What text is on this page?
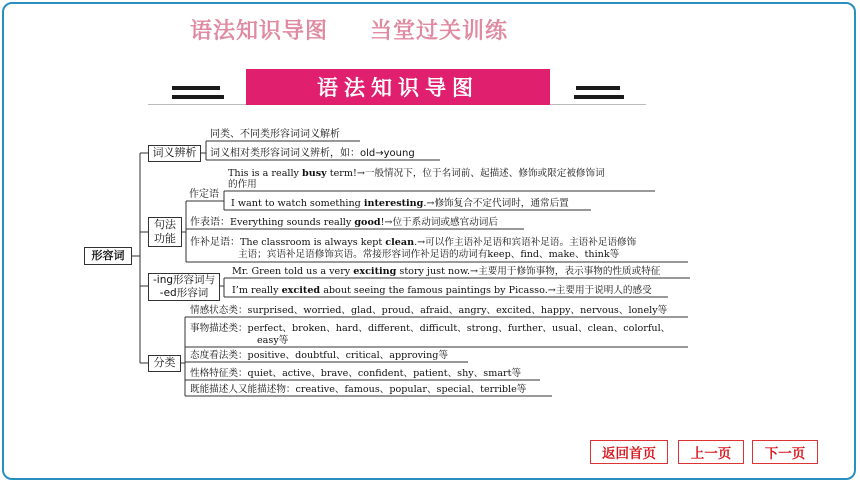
语法知识导图 当堂过关训练
语法知识导图
形容词
词义辨析
同类、不同类形容词词义解析
词义相对类形容词词义辨析，如：old→young
句法
功能
作定语
This is a really busy term!→一般情况下，位于名词前、起描述、修饰或限定被修饰词
的作用
I want to watch something interesting.→修饰复合不定代词时，通常后置
作表语：Everything sounds really good!→位于系动词或感官动词后
作补足语：The classroom is always kept clean.→可以作主语补足语和宾语补足语。主语补足语修饰
主语；宾语补足语修饰宾语。常接形容词作补足语的动词有keep、find、make、think等
-ing形容词与
-ed形容词
Mr. Green told us a very exciting story just now.→主要用于修饰事物，表示事物的性质或特征
I’m really excited about seeing the famous paintings by Picasso.→主要用于说明人的感受
分类
情感状态类：surprised、worried、glad、proud、afraid、angry、excited、happy、nervous、lonely等
事物描述类：perfect、broken、hard、different、difficult、strong、further、usual、clean、colorful、
easy等
态度看法类：positive、doubtful、critical、approving等
性格特征类：quiet、active、brave、confident、patient、shy、smart等
既能描述人又能描述物：creative、famous、popular、special、terrible等
返回首页	上一页	下一页
